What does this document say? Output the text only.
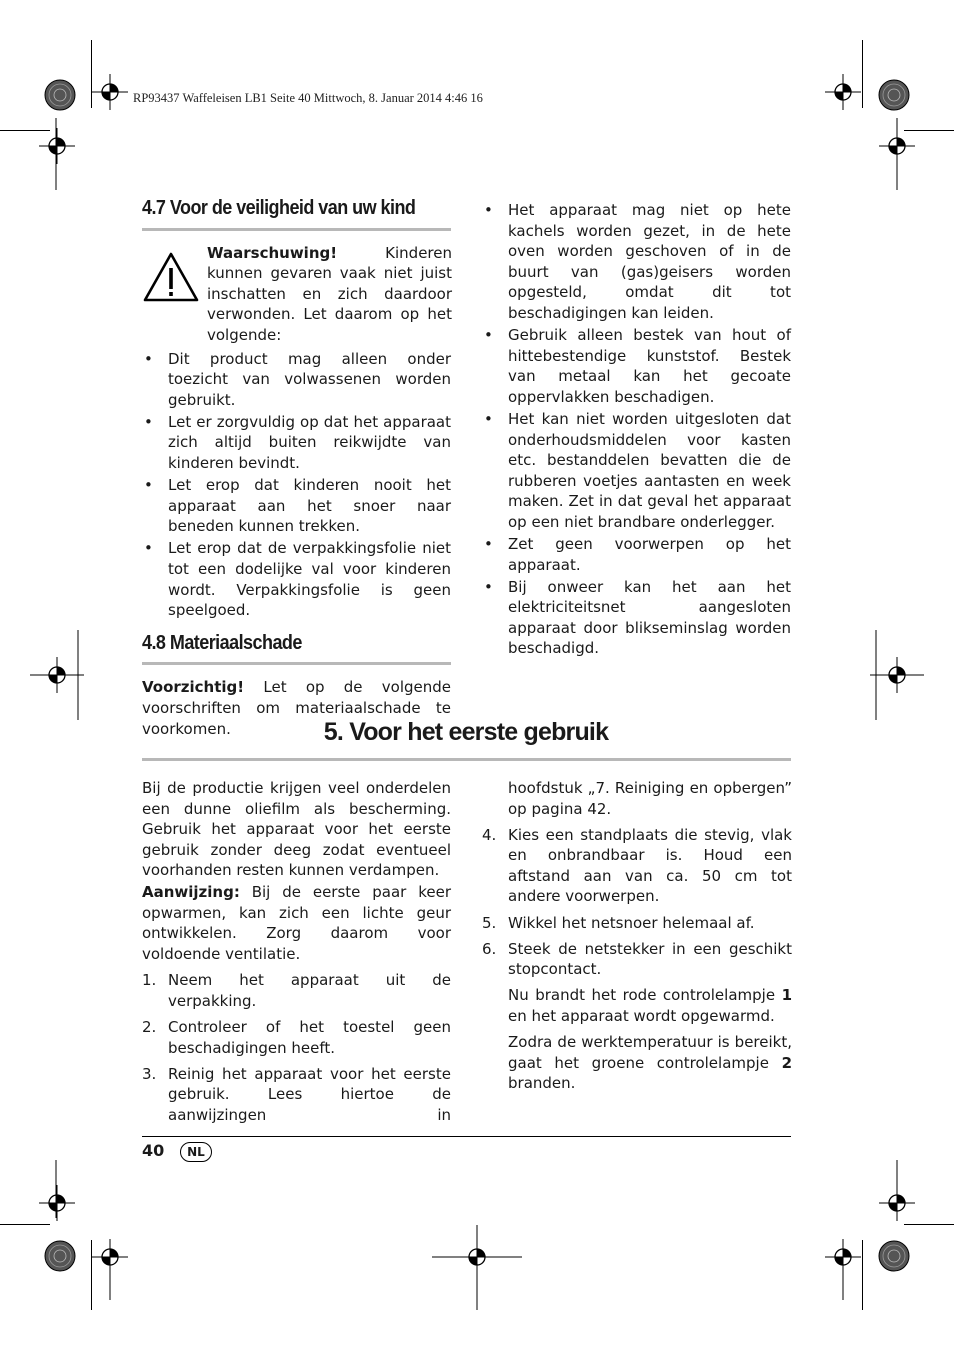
RP93437 Waffeleisen LB1 Seite 40 Mittwoch, 8. Januar 2014 4:46 16
4.7 Voor de veiligheid van uw kind
Waarschuwing! Kinderen kunnen gevaren vaak niet juist inschatten en zich daardoor verwonden. Let daarom op het volgende:
• Dit product mag alleen onder toezicht van volwassenen worden gebruikt.
• Let er zorgvuldig op dat het apparaat zich altijd buiten reikwijdte van kinderen bevindt.
• Let erop dat kinderen nooit het apparaat aan het snoer naar beneden kunnen trekken.
• Let erop dat de verpakkingsfolie niet tot een dodelijke val voor kinderen wordt. Verpakkingsfolie is geen speelgoed.
4.8 Materiaalschade
Voorzichtig! Let op de volgende voorschriften om materiaalschade te voorkomen.
• Het apparaat mag niet op hete kachels worden gezet, in de hete oven worden geschoven of in de buurt van (gas)geisers worden opgesteld, omdat dit tot beschadigingen kan leiden.
• Gebruik alleen bestek van hout of hittebestendige kunststof. Bestek van metaal kan het gecoate oppervlakken beschadigen.
• Het kan niet worden uitgesloten dat onderhoudsmiddelen voor kasten etc. bestanddelen bevatten die de rubberen voetjes aantasten en week maken. Zet in dat geval het apparaat op een niet brandbare onderlegger.
• Zet geen voorwerpen op het apparaat.
• Bij onweer kan het aan het elektriciteitsnet aangesloten apparaat door blikseminslag worden beschadigd.
5. Voor het eerste gebruik
Bij de productie krijgen veel onderdelen een dunne oliefilm als bescherming. Gebruik het apparaat voor het eerste gebruik zonder deeg zodat eventueel voorhanden resten kunnen verdampen.
Aanwijzing: Bij de eerste paar keer opwarmen, kan zich een lichte geur ontwikkelen. Zorg daarom voor voldoende ventilatie.
1. Neem het apparaat uit de verpakking.
2. Controleer of het toestel geen beschadigingen heeft.
3. Reinig het apparaat voor het eerste gebruik. Lees hiertoe de aanwijzingen in
hoofdstuk „7. Reiniging en opbergen” op pagina 42.
4. Kies een standplaats die stevig, vlak en onbrandbaar is. Houd een aftstand aan van ca. 50 cm tot andere voorwerpen.
5. Wikkel het netsnoer helemaal af.
6. Steek de netstekker in een geschikt stopcontact.
Nu brandt het rode controlelampje 1 en het apparaat wordt opgewarmd.
Zodra de werktemperatuur is bereikt, gaat het groene controlelampje 2 branden.
40	NL
